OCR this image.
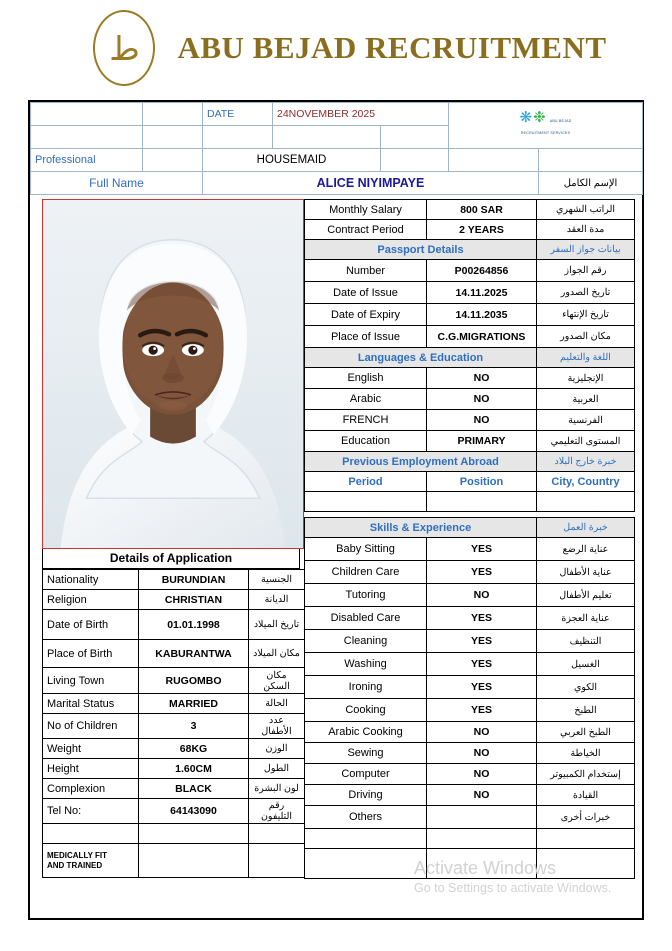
ط	ABU BEJAD RECRUITMENT
		DATE	24NOVEMBER 2025		❋❉ ABU BEJAD RECRUITMENT SERVICES	

Professional		HOUSEMAID				
Full Name		ALICE NIYIMPAYE				الإسم الكامل
Details of Application
Nationality	BURUNDIAN	الجنسية
Religion	CHRISTIAN	الديانة
Date of Birth	01.01.1998	تاريخ الميلاد
Place of Birth	KABURANTWA	مكان الميلاد
Living Town	RUGOMBO	مكان السكن
Marital Status	MARRIED	الحالة
No of Children	3	عدد الأطفال
Weight	68KG	الوزن
Height	1.60CM	الطول
Complexion	BLACK	لون البشرة
Tel No:	64143090	رقم التليفون

MEDICALLY FIT
AND TRAINED		
Monthly Salary	800 SAR	الراتب الشهري
Contract Period	2 YEARS	مدة العقد
Passport Details		بيانات جواز السفر
Number	P00264856	رقم الجواز
Date of Issue	14.11.2025	تاريخ الصدور
Date of Expiry	14.11.2035	تاريخ الإنتهاء
Place of Issue	C.G.MIGRATIONS	مكان الصدور
Languages & Education		اللغة والتعليم
English	NO	الإنجليزية
Arabic	NO	العربية
FRENCH	NO	الفرنسية
Education	PRIMARY	المستوى التعليمي
Previous Employment Abroad		خبرة خارج البلاد
Period	Position	City, Country

Skills & Experience		خبرة العمل
Baby Sitting	YES	عناية الرضع
Children Care	YES	عناية الأطفال
Tutoring	NO	تعليم الأطفال
Disabled Care	YES	عناية العجزة
Cleaning	YES	التنظيف
Washing	YES	الغسيل
Ironing	YES	الكوي
Cooking	YES	الطبخ
Arabic Cooking	NO	الطبخ العربي
Sewing	NO	الخياطة
Computer	NO	إستخدام الكمبيوتر
Driving	NO	القيادة
Others		خبرات أخرى

Activate Windows
Go to Settings to activate Windows.
